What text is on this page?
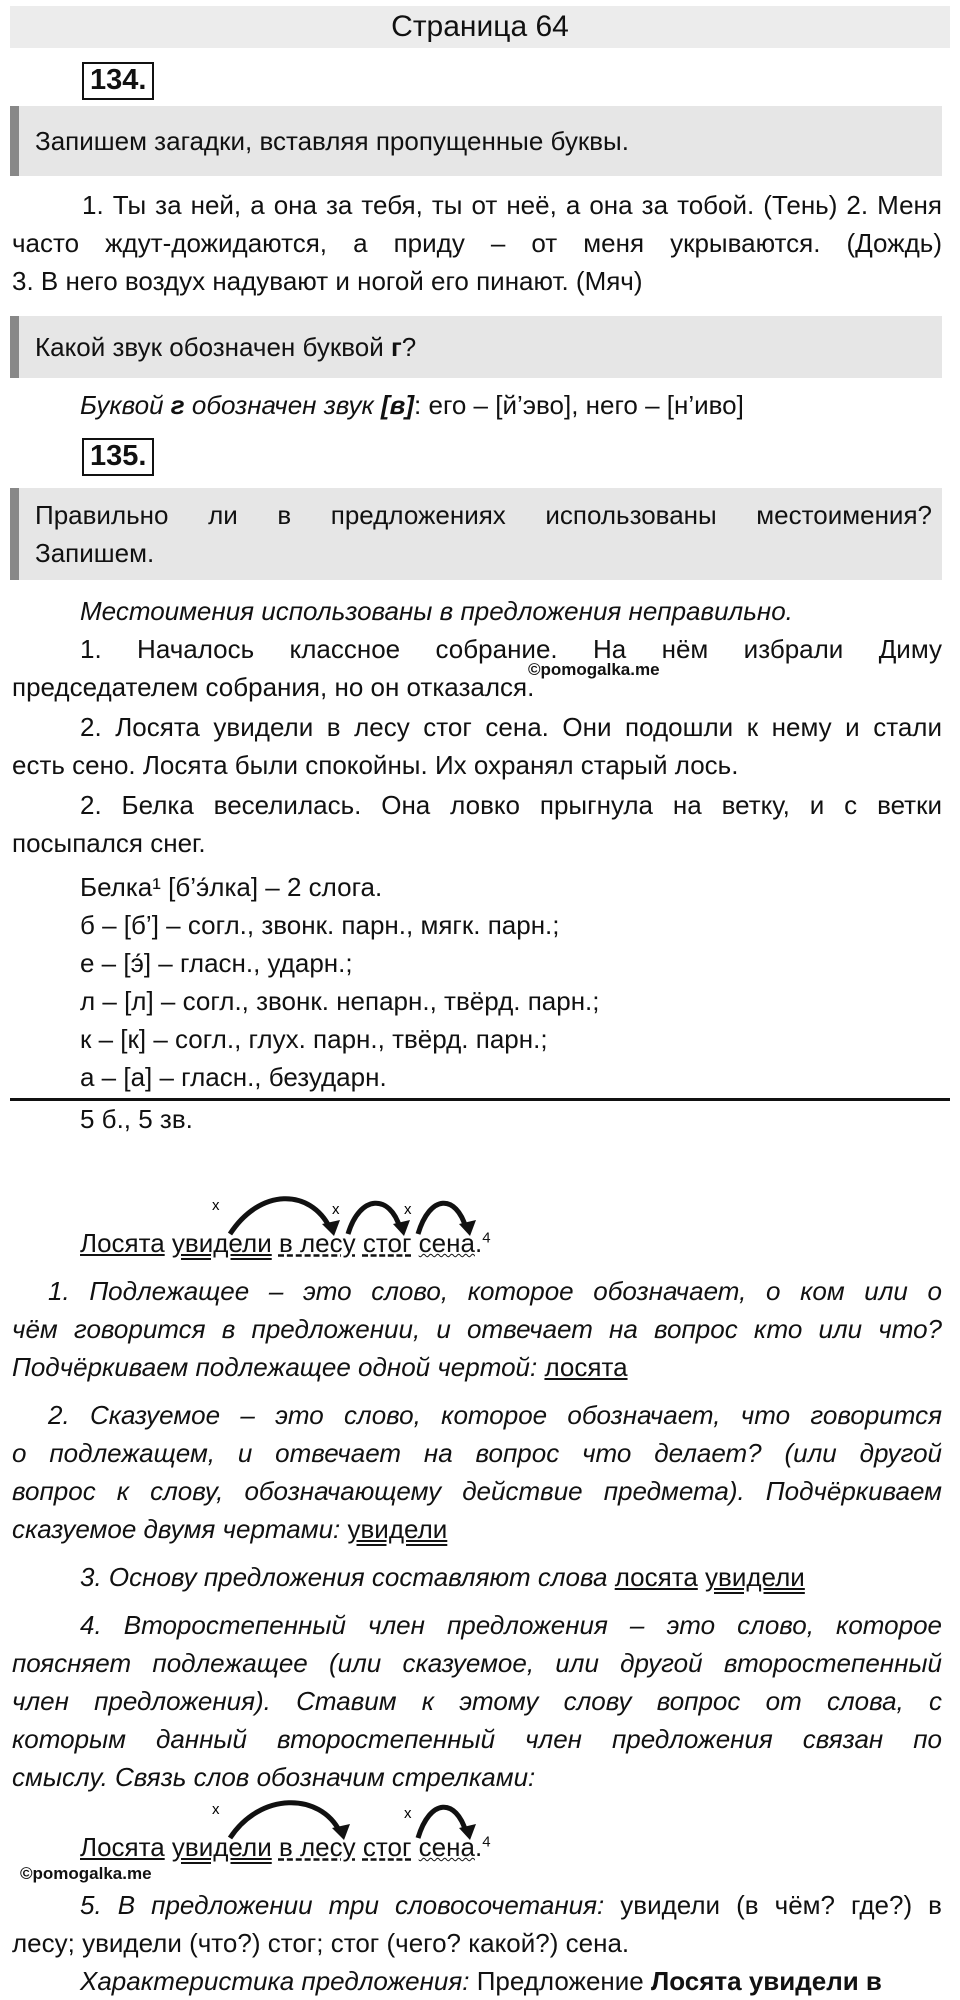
Страница 64
134.
Запишем загадки, вставляя пропущенные буквы.
1. Ты за ней, а она за тебя, ты от неё, а она за тобой. (Тень) 2. Меня
часто ждут-дожидаются, а приду – от меня укрываются. (Дождь)
3. В него воздух надувают и ногой его пинают. (Мяч)
Какой звук обозначен буквой г?
Буквой г обозначен звук [в]: его – [й’эво], него – [н’иво]
135.
Правильно ли в предложениях использованы местоимения?
Запишем.
Местоимения использованы в предложения неправильно.
1. Началось классное собрание. На нём избрали Диму
председателем собрания, но он отказался.
©pomogalka.me
2. Лосята увидели в лесу стог сена. Они подошли к нему и стали
есть сено. Лосята были спокойны. Их охранял старый лось.
2. Белка веселилась. Она ловко прыгнула на ветку, и с ветки
посыпался снег.
Белка¹ [б’э́лка] – 2 слога.
б – [б’] – согл., звонк. парн., мягк. парн.;
е – [э́] – гласн., ударн.;
л – [л] – согл., звонк. непарн., твёрд. парн.;
к – [к] – согл., глух. парн., твёрд. парн.;
а – [а] – гласн., безударн.
5 б., 5 зв.
x	x	x
Лосята увидели в лесу стог сена.$^4$
1. Подлежащее – это слово, которое обозначает, о ком или о
чём говорится в предложении, и отвечает на вопрос кто или что?
Подчёркиваем подлежащее одной чертой: лосята
2. Сказуемое – это слово, которое обозначает, что говорится
о подлежащем, и отвечает на вопрос что делает? (или другой
вопрос к слову, обозначающему действие предмета). Подчёркиваем
сказуемое двумя чертами: увидели
3. Основу предложения составляют слова лосята увидели
4. Второстепенный член предложения – это слово, которое
поясняет подлежащее (или сказуемое, или другой второстепенный
член предложения). Ставим к этому слову вопрос от слова, с
которым данный второстепенный член предложения связан по
смыслу. Связь слов обозначим стрелками:
x	x
Лосята увидели в лесу стог сена.$^4$
©pomogalka.me
5. В предложении три словосочетания: увидели (в чём? где?) в
лесу; увидели (что?) стог; стог (чего? какой?) сена.
Характеристика предложения: Предложение Лосята увидели в
